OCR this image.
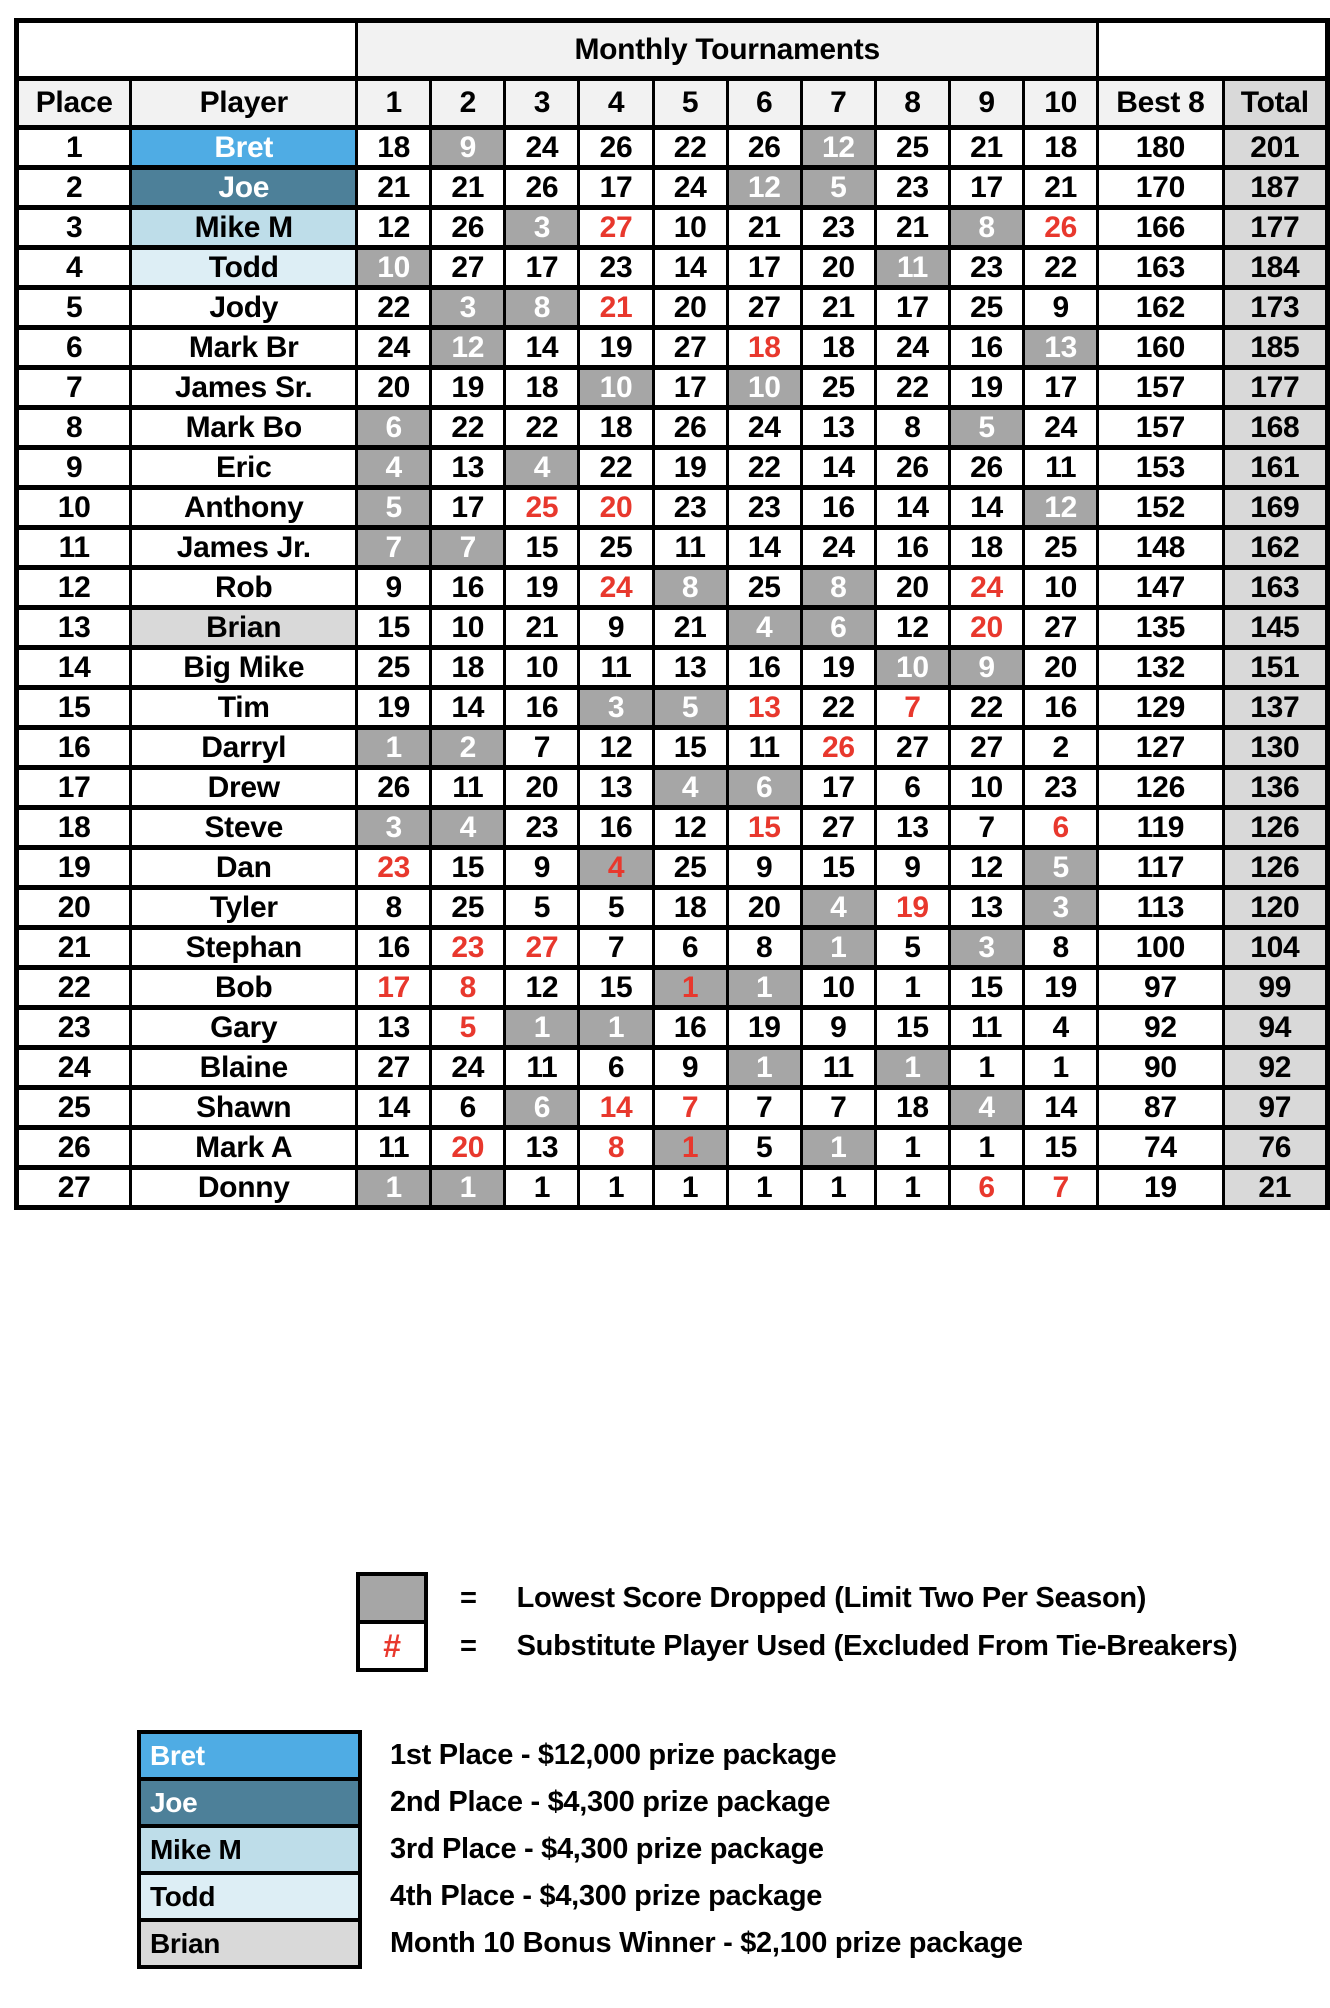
		Monthly Tournaments											
Place	Player	1	2	3	4	5	6	7	8	9	10	Best 8	Total
1	Bret	18	9	24	26	22	26	12	25	21	18	180	201
2	Joe	21	21	26	17	24	12	5	23	17	21	170	187
3	Mike M	12	26	3	27	10	21	23	21	8	26	166	177
4	Todd	10	27	17	23	14	17	20	11	23	22	163	184
5	Jody	22	3	8	21	20	27	21	17	25	9	162	173
6	Mark Br	24	12	14	19	27	18	18	24	16	13	160	185
7	James Sr.	20	19	18	10	17	10	25	22	19	17	157	177
8	Mark Bo	6	22	22	18	26	24	13	8	5	24	157	168
9	Eric	4	13	4	22	19	22	14	26	26	11	153	161
10	Anthony	5	17	25	20	23	23	16	14	14	12	152	169
11	James Jr.	7	7	15	25	11	14	24	16	18	25	148	162
12	Rob	9	16	19	24	8	25	8	20	24	10	147	163
13	Brian	15	10	21	9	21	4	6	12	20	27	135	145
14	Big Mike	25	18	10	11	13	16	19	10	9	20	132	151
15	Tim	19	14	16	3	5	13	22	7	22	16	129	137
16	Darryl	1	2	7	12	15	11	26	27	27	2	127	130
17	Drew	26	11	20	13	4	6	17	6	10	23	126	136
18	Steve	3	4	23	16	12	15	27	13	7	6	119	126
19	Dan	23	15	9	4	25	9	15	9	12	5	117	126
20	Tyler	8	25	5	5	18	20	4	19	13	3	113	120
21	Stephan	16	23	27	7	6	8	1	5	3	8	100	104
22	Bob	17	8	12	15	1	1	10	1	15	19	97	99
23	Gary	13	5	1	1	16	19	9	15	11	4	92	94
24	Blaine	27	24	11	6	9	1	11	1	1	1	90	92
25	Shawn	14	6	6	14	7	7	7	18	4	14	87	97
26	Mark A	11	20	13	8	1	5	1	1	1	15	74	76
27	Donny	1	1	1	1	1	1	1	1	6	7	19	21
= Lowest Score Dropped (Limit Two Per Season)
#	= Substitute Player Used (Excluded From Tie-Breakers)
Bret	1st Place - $12,000 prize package
Joe	2nd Place - $4,300 prize package
Mike M	3rd Place - $4,300 prize package
Todd	4th Place - $4,300 prize package
Brian	Month 10 Bonus Winner - $2,100 prize package
